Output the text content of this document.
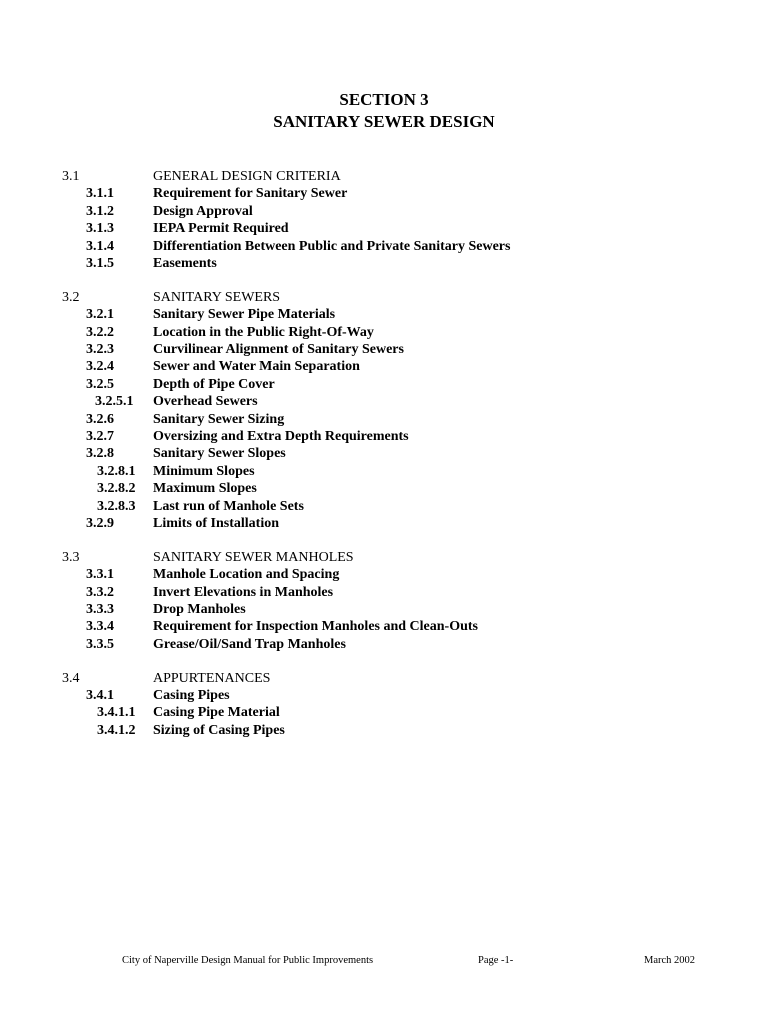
SECTION 3
SANITARY SEWER DESIGN
3.1	GENERAL DESIGN CRITERIA
3.1.1	Requirement for Sanitary Sewer
3.1.2	Design Approval
3.1.3	IEPA Permit Required
3.1.4	Differentiation Between Public and Private Sanitary Sewers
3.1.5	Easements
3.2	SANITARY SEWERS
3.2.1	Sanitary Sewer Pipe Materials
3.2.2	Location in the Public Right-Of-Way
3.2.3	Curvilinear Alignment of Sanitary Sewers
3.2.4	Sewer and Water Main Separation
3.2.5	Depth of Pipe Cover
3.2.5.1 Overhead Sewers
3.2.6	Sanitary Sewer Sizing
3.2.7	Oversizing and Extra Depth Requirements
3.2.8	Sanitary Sewer Slopes
3.2.8.1 Minimum Slopes
3.2.8.2 Maximum Slopes
3.2.8.3 Last run of Manhole Sets
3.2.9	Limits of Installation
3.3	SANITARY SEWER MANHOLES
3.3.1	Manhole Location and Spacing
3.3.2	Invert Elevations in Manholes
3.3.3	Drop Manholes
3.3.4	Requirement for Inspection Manholes and Clean-Outs
3.3.5	Grease/Oil/Sand Trap Manholes
3.4	APPURTENANCES
3.4.1	Casing Pipes
3.4.1.1 Casing Pipe Material
3.4.1.2 Sizing of Casing Pipes
City of Naperville Design Manual for Public Improvements	Page -1-	March 2002
